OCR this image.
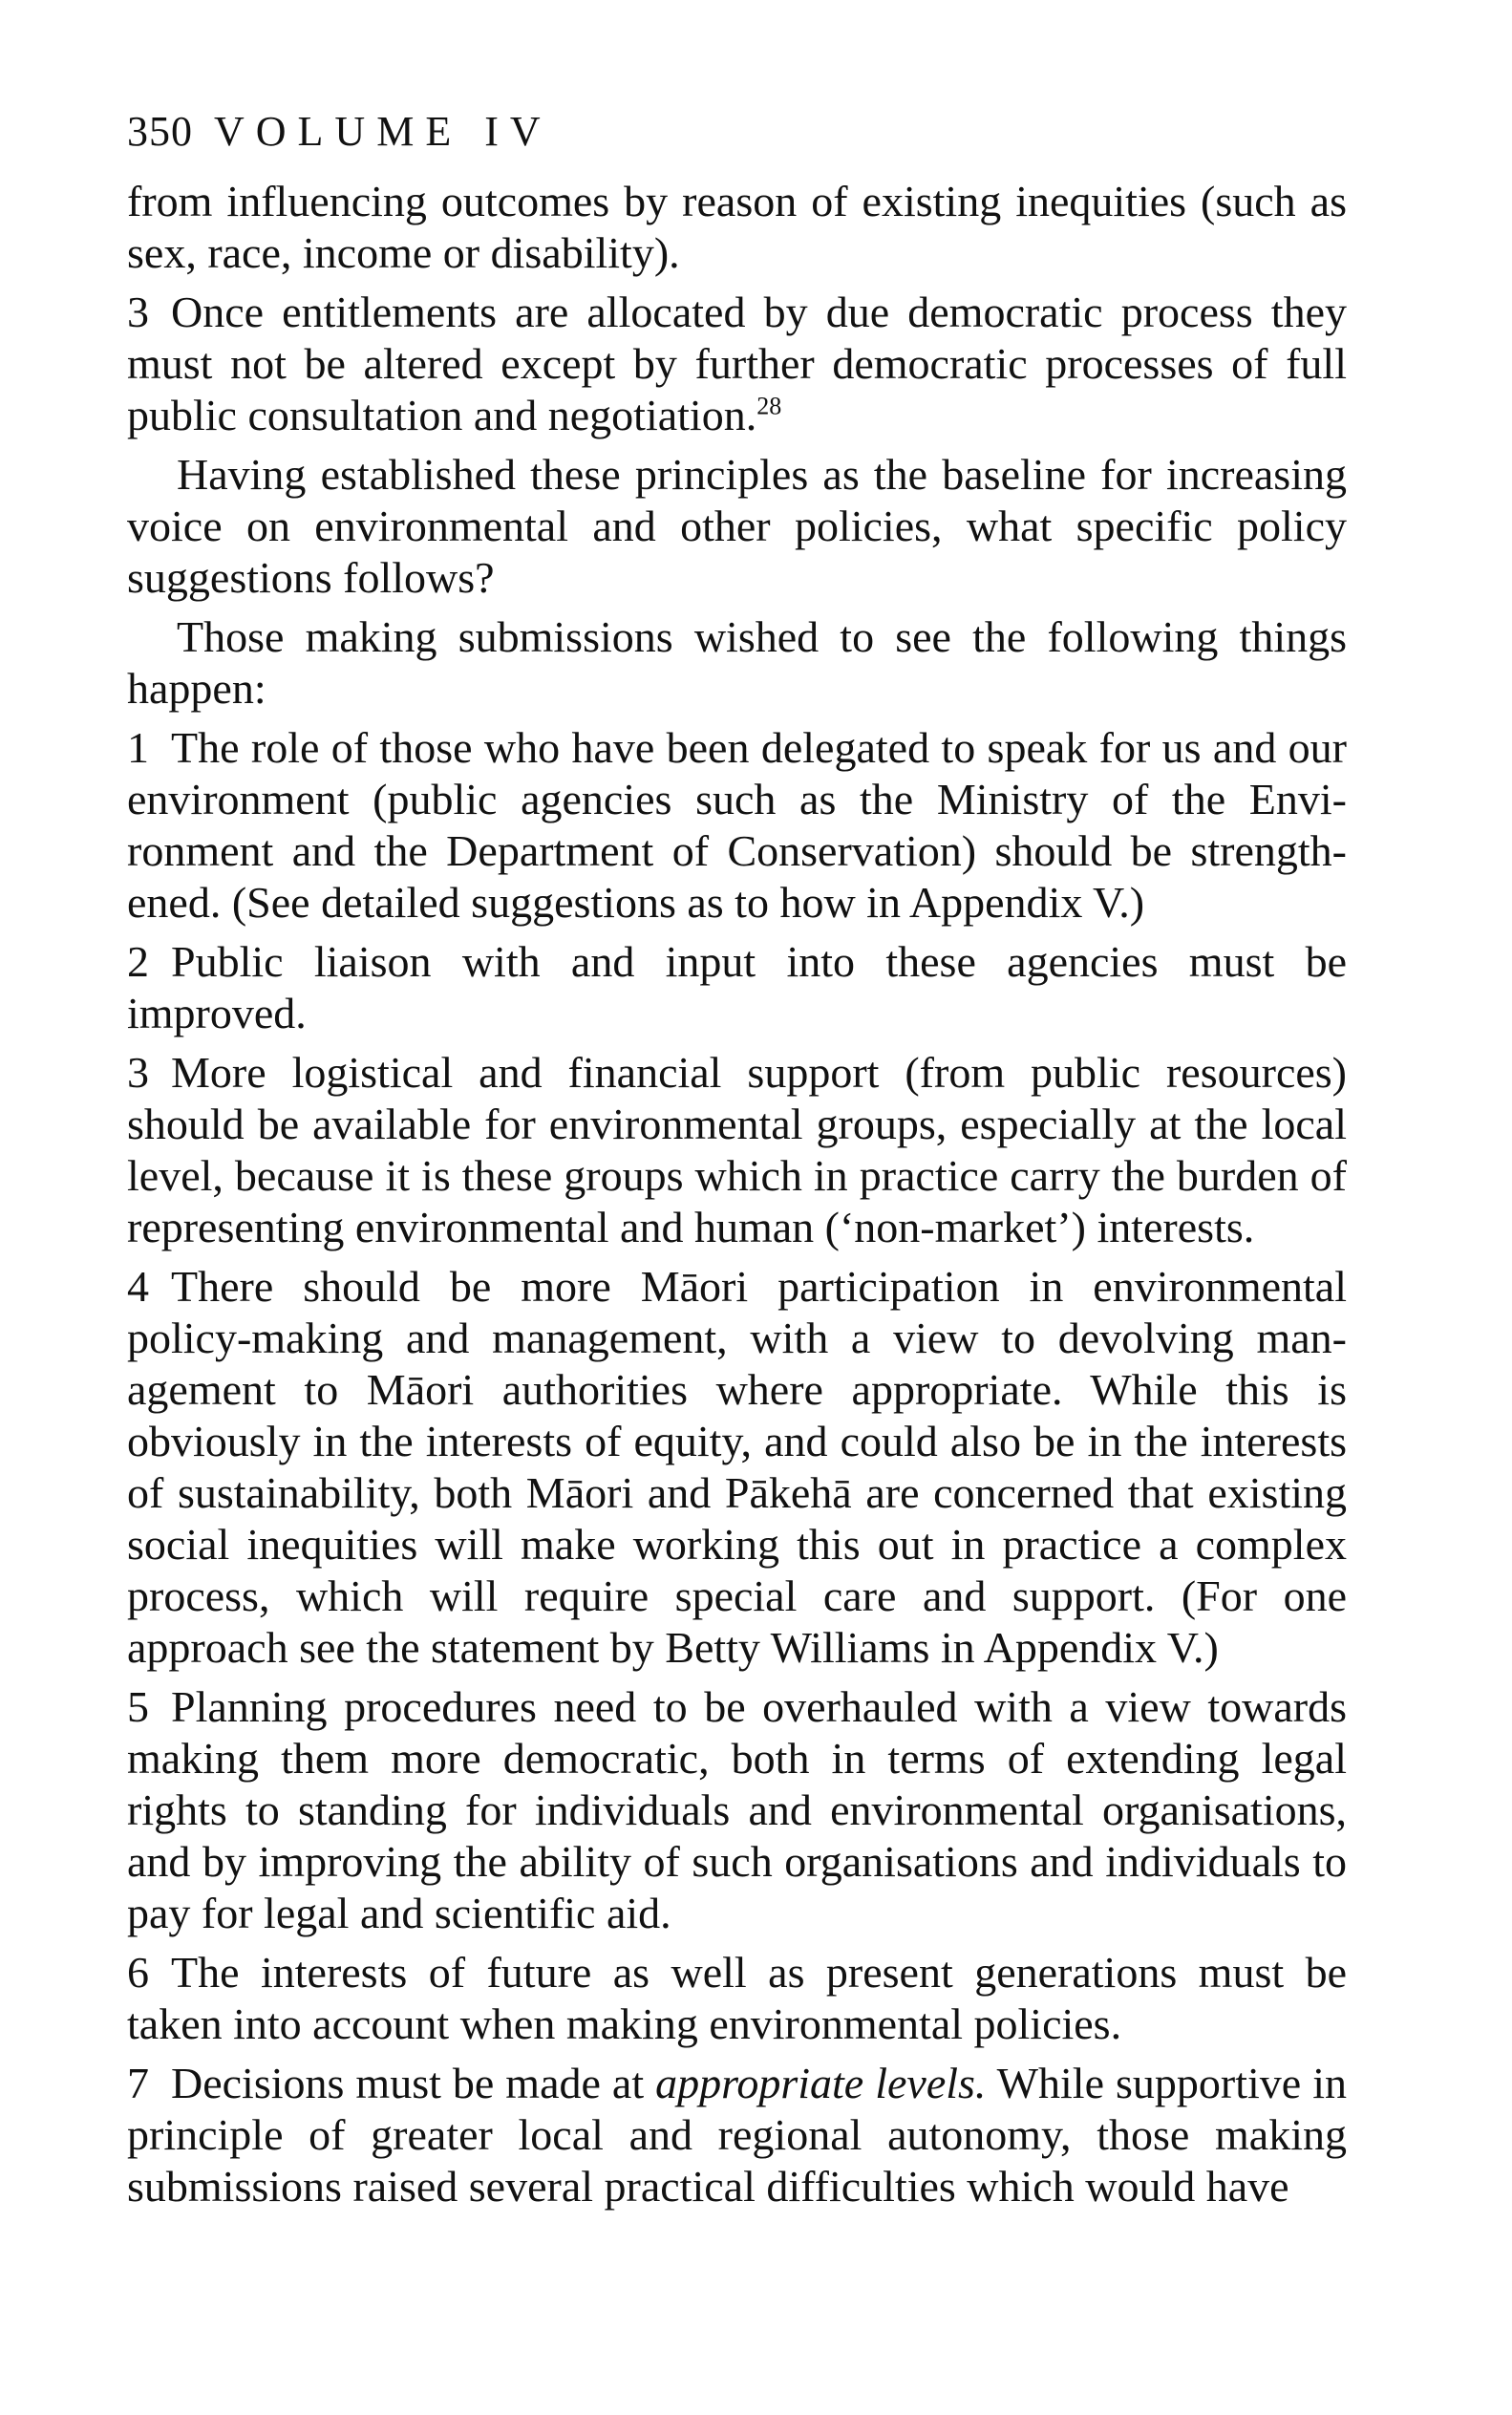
350 VOLUME IV

from influencing outcomes by reason of existing inequities (such as sex, race, income or disability).

3 Once entitlements are allocated by due democratic process they must not be altered except by further democratic processes of full public consultation and negotiation.$^{28}$

Having established these principles as the baseline for increasing voice on environmental and other policies, what specific policy suggestions follows?

Those making submissions wished to see the following things happen:

1 The role of those who have been delegated to speak for us and our environment (public agencies such as the Ministry of the Environment and the Department of Conservation) should be strengthened. (See detailed suggestions as to how in Appendix V.)

2 Public liaison with and input into these agencies must be improved.

3 More logistical and financial support (from public resources) should be available for environmental groups, especially at the local level, because it is these groups which in practice carry the burden of representing environmental and human (‘non-market’) interests.

4 There should be more Māori participation in environmental policy-making and management, with a view to devolving management to Māori authorities where appropriate. While this is obviously in the interests of equity, and could also be in the interests of sustainability, both Māori and Pākehā are concerned that existing social inequities will make working this out in practice a complex process, which will require special care and support. (For one approach see the statement by Betty Williams in Appendix V.)

5 Planning procedures need to be overhauled with a view towards making them more democratic, both in terms of extending legal rights to standing for individuals and environmental organisations, and by improving the ability of such organisations and individuals to pay for legal and scientific aid.

6 The interests of future as well as present generations must be taken into account when making environmental policies.

7 Decisions must be made at appropriate levels. While supportive in principle of greater local and regional autonomy, those making submissions raised several practical difficulties which would have
